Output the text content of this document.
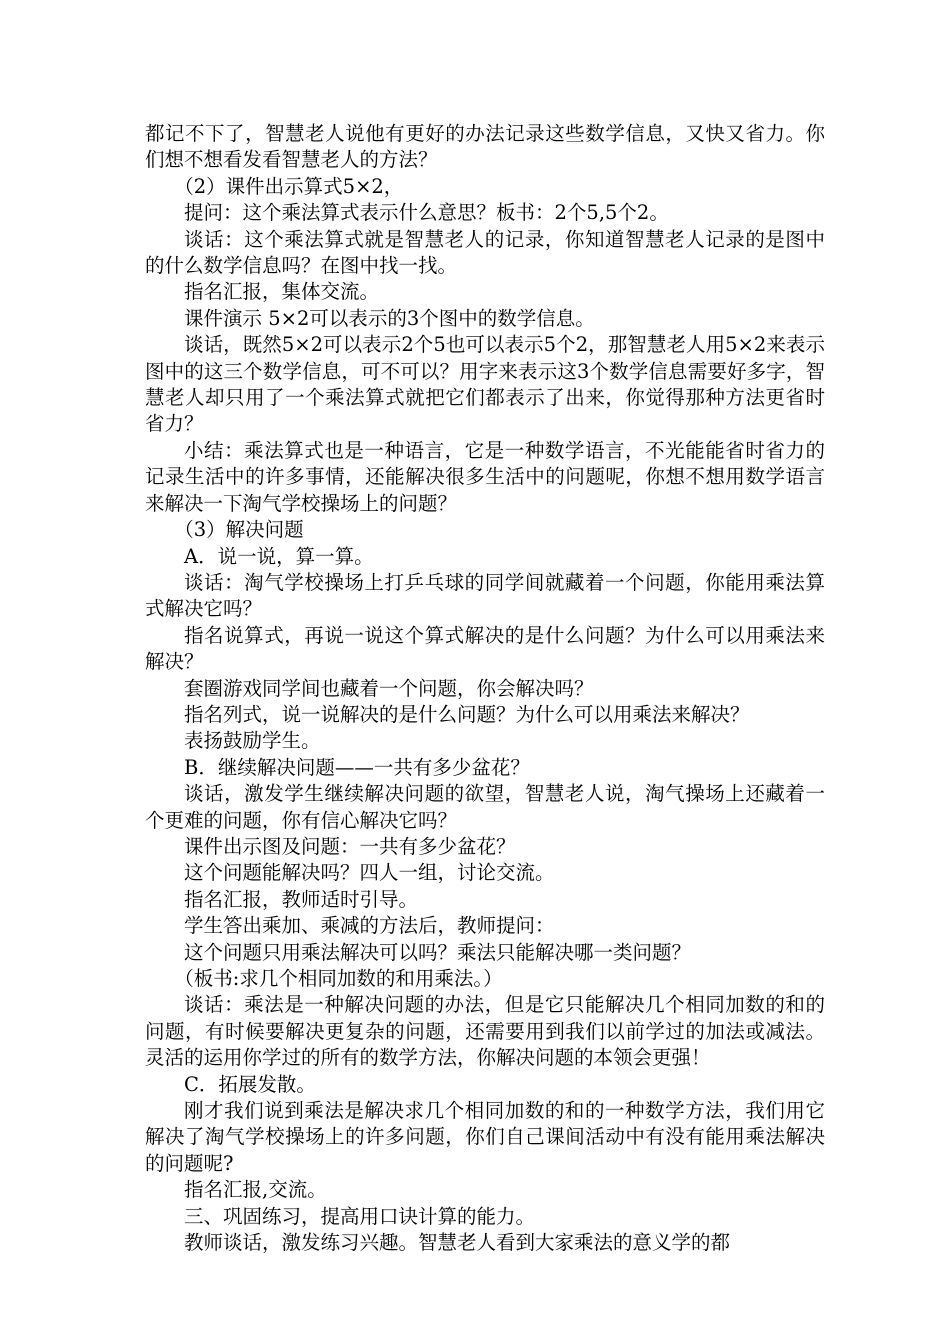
都记不下了，智慧老人说他有更好的办法记录这些数学信息，又快又省力。你们想不想看发看智慧老人的方法？

（2）课件出示算式5×2，

提问：这个乘法算式表示什么意思？板书：2个5,5个2。

谈话：这个乘法算式就是智慧老人的记录，你知道智慧老人记录的是图中的什么数学信息吗？在图中找一找。

指名汇报，集体交流。

课件演示 5×2可以表示的3个图中的数学信息。

谈话，既然5×2可以表示2个5也可以表示5个2，那智慧老人用5×2来表示图中的这三个数学信息，可不可以？用字来表示这3个数学信息需要好多字，智慧老人却只用了一个乘法算式就把它们都表示了出来，你觉得那种方法更省时省力？

小结：乘法算式也是一种语言，它是一种数学语言，不光能能省时省力的记录生活中的许多事情，还能解决很多生活中的问题呢，你想不想用数学语言来解决一下淘气学校操场上的问题？

（3）解决问题

A．说一说，算一算。

谈话：淘气学校操场上打乒乓球的同学间就藏着一个问题，你能用乘法算式解决它吗？

指名说算式，再说一说这个算式解决的是什么问题？为什么可以用乘法来解决？

套圈游戏同学间也藏着一个问题，你会解决吗？

指名列式，说一说解决的是什么问题？为什么可以用乘法来解决？

表扬鼓励学生。

B．继续解决问题——一共有多少盆花？

谈话，激发学生继续解决问题的欲望，智慧老人说，淘气操场上还藏着一个更难的问题，你有信心解决它吗？

课件出示图及问题：一共有多少盆花？

这个问题能解决吗？四人一组，讨论交流。

指名汇报，教师适时引导。

学生答出乘加、乘减的方法后，教师提问：

这个问题只用乘法解决可以吗？乘法只能解决哪一类问题？

（板书:求几个相同加数的和用乘法。）

谈话：乘法是一种解决问题的办法，但是它只能解决几个相同加数的和的问题，有时候要解决更复杂的问题，还需要用到我们以前学过的加法或减法。灵活的运用你学过的所有的数学方法，你解决问题的本领会更强！

C．拓展发散。

刚才我们说到乘法是解决求几个相同加数的和的一种数学方法，我们用它解决了淘气学校操场上的许多问题，你们自己课间活动中有没有能用乘法解决的问题呢?

指名汇报,交流。

三、巩固练习，提高用口诀计算的能力。

教师谈话，激发练习兴趣。智慧老人看到大家乘法的意义学的都
